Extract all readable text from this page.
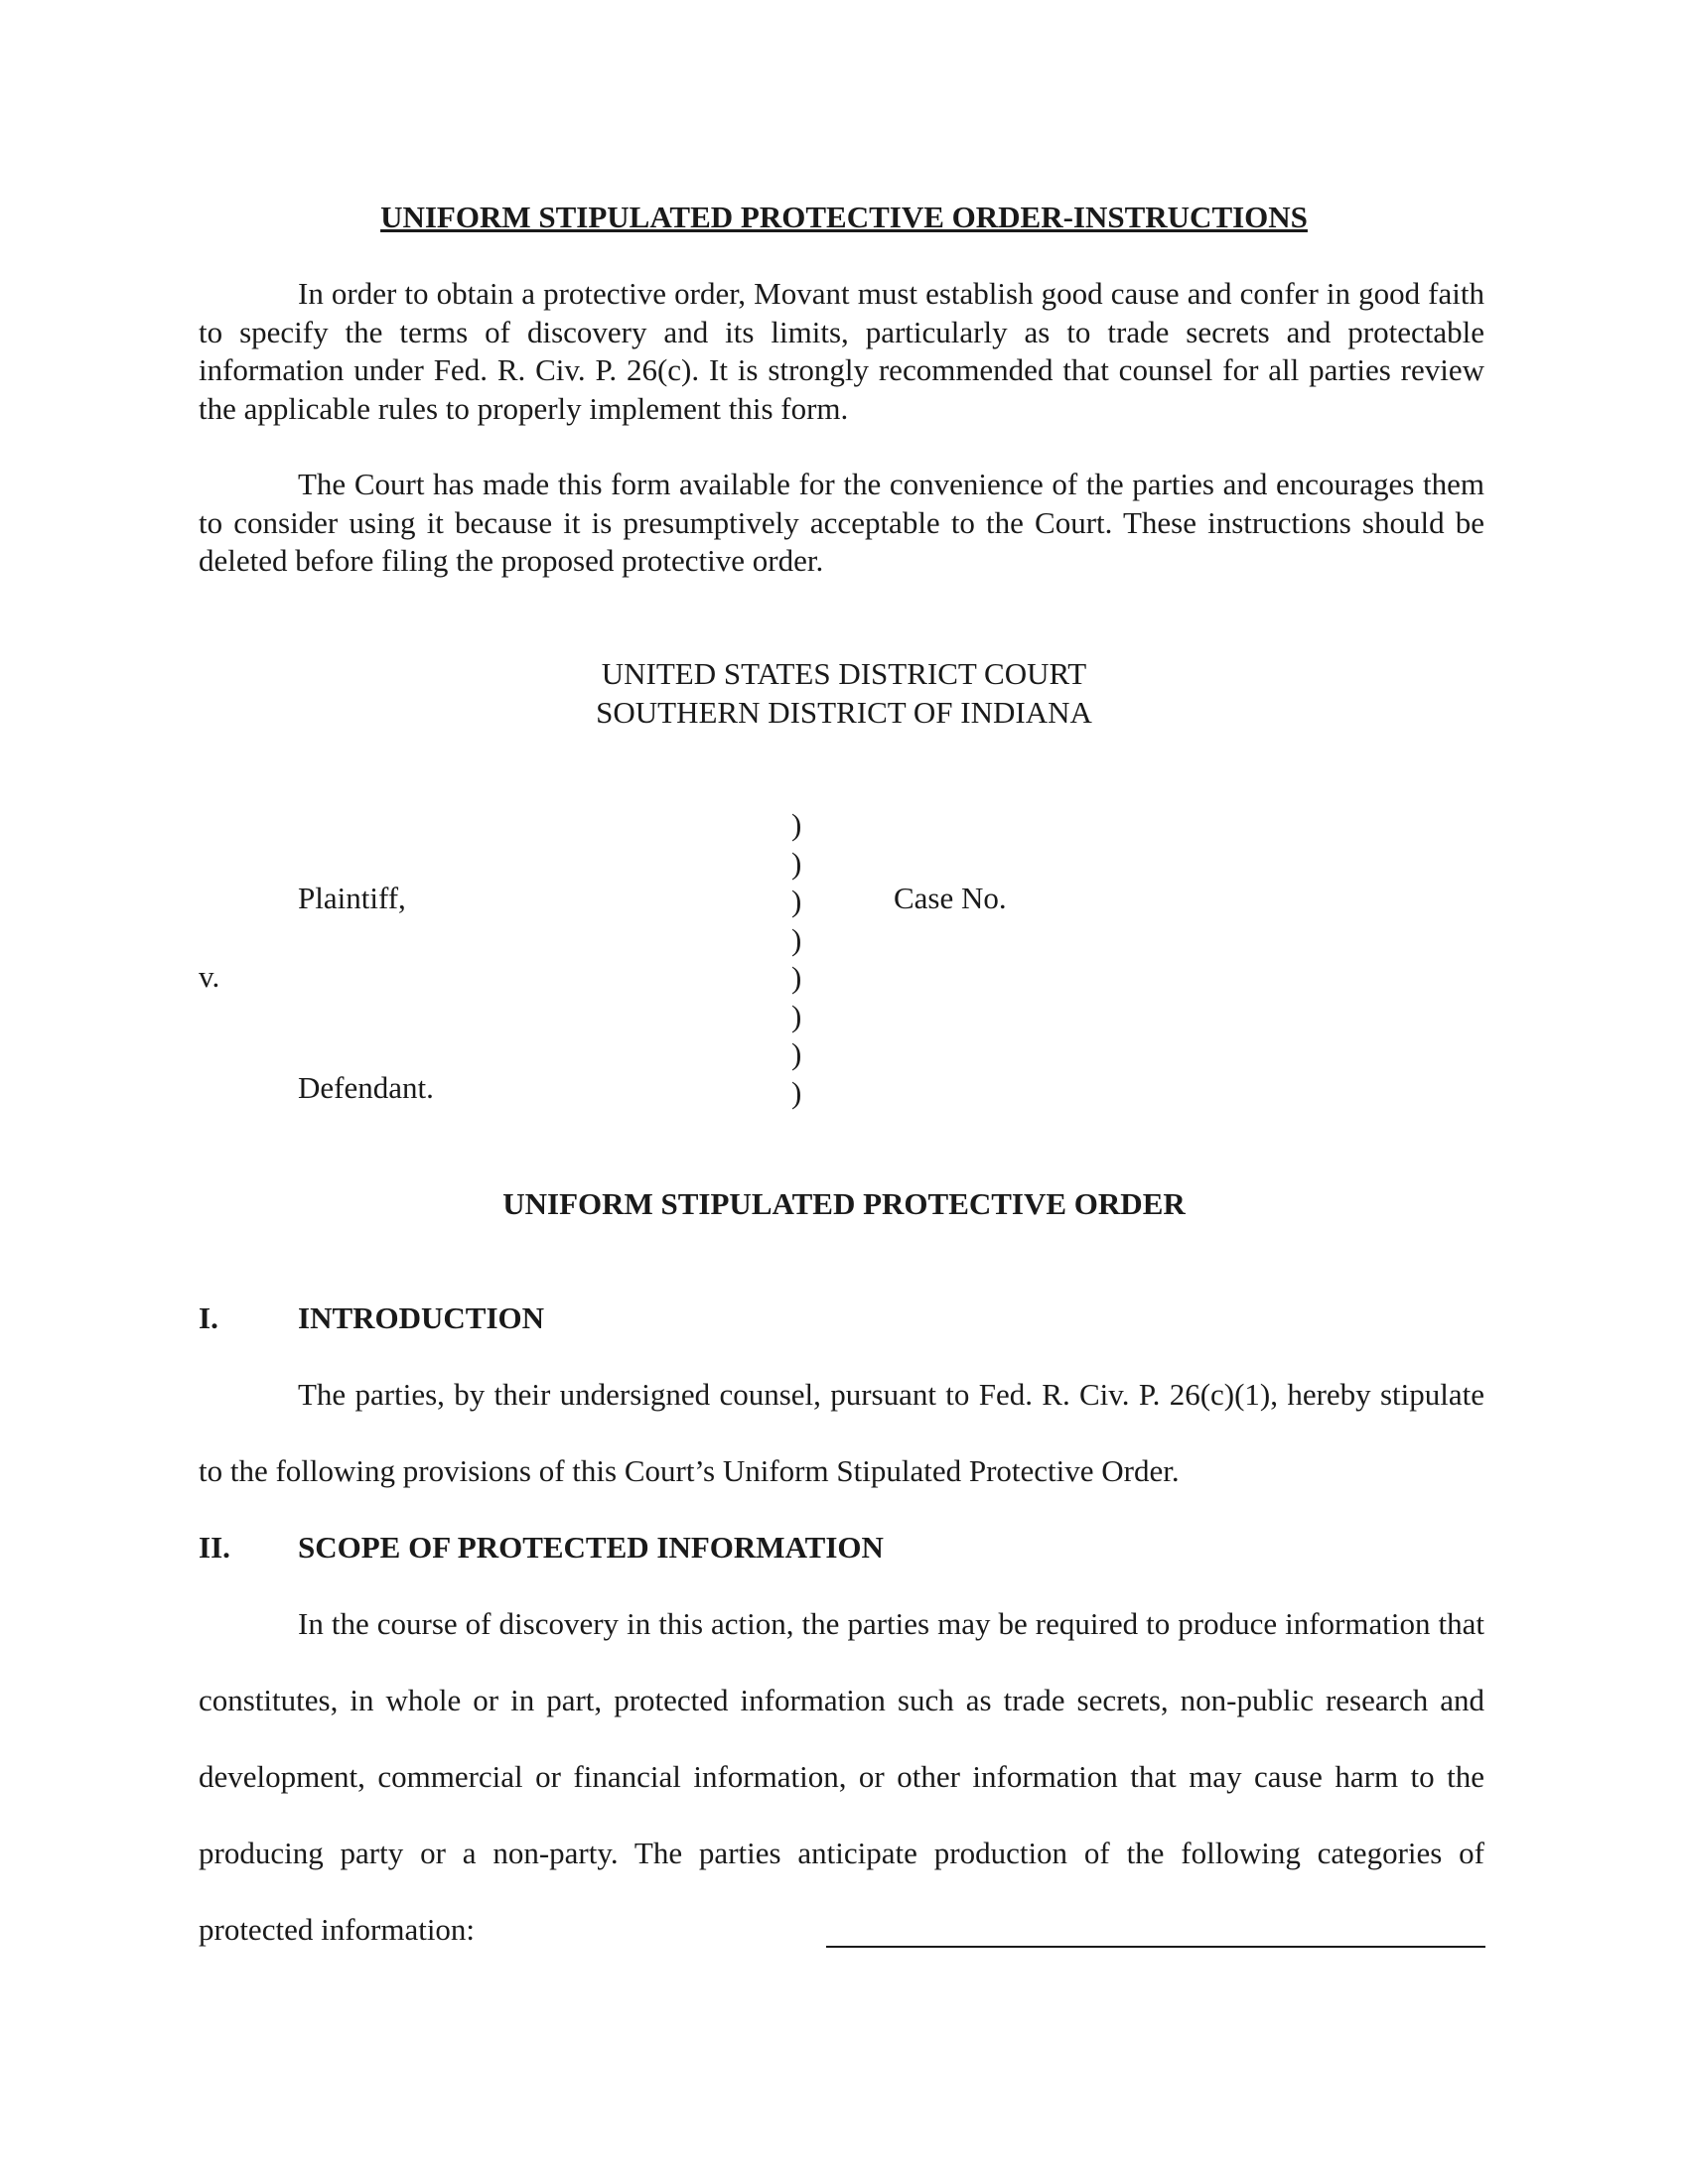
UNIFORM STIPULATED PROTECTIVE ORDER-INSTRUCTIONS
In order to obtain a protective order, Movant must establish good cause and confer in good faith to specify the terms of discovery and its limits, particularly as to trade secrets and protectable information under Fed. R. Civ. P. 26(c). It is strongly recommended that counsel for all parties review the applicable rules to properly implement this form.
The Court has made this form available for the convenience of the parties and encourages them to consider using it because it is presumptively acceptable to the Court. These instructions should be deleted before filing the proposed protective order.
UNITED STATES DISTRICT COURT
SOUTHERN DISTRICT OF INDIANA
Plaintiff,
v.
Defendant.
Case No.
)
)
)
)
)
)
)
)
UNIFORM STIPULATED PROTECTIVE ORDER
I.	INTRODUCTION
The parties, by their undersigned counsel, pursuant to Fed. R. Civ. P. 26(c)(1), hereby stipulate to the following provisions of this Court’s Uniform Stipulated Protective Order.
II. SCOPE OF PROTECTED INFORMATION
In the course of discovery in this action, the parties may be required to produce information that constitutes, in whole or in part, protected information such as trade secrets, non-public research and development, commercial or financial information, or other information that may cause harm to the producing party or a non-party. The parties anticipate production of the following categories of protected information:
